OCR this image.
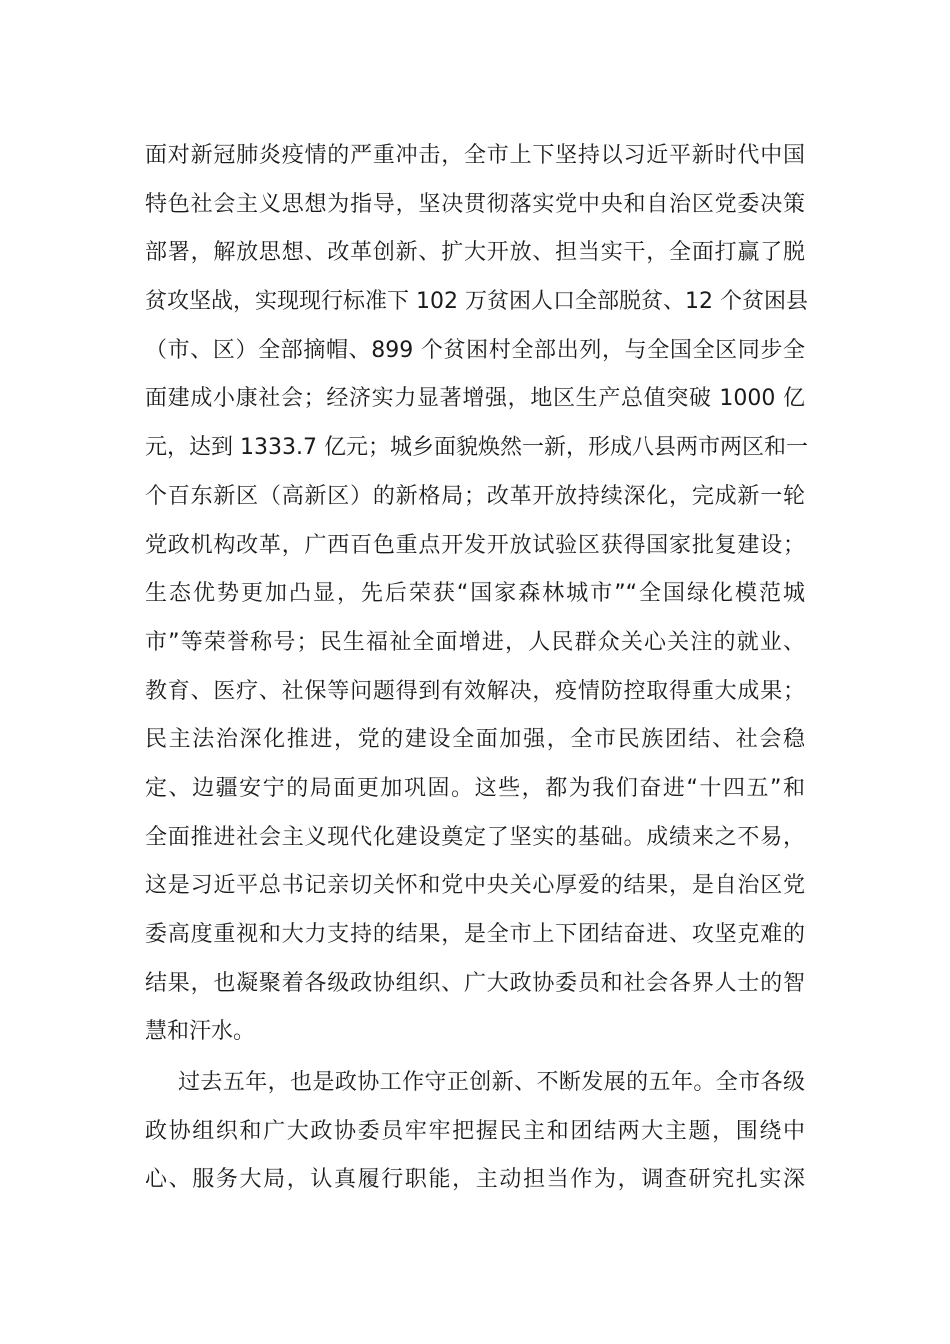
面对新冠肺炎疫情的严重冲击，全市上下坚持以习近平新时代中国
特色社会主义思想为指导，坚决贯彻落实党中央和自治区党委决策
部署，解放思想、改革创新、扩大开放、担当实干，全面打赢了脱
贫攻坚战，实现现行标准下 102 万贫困人口全部脱贫、12 个贫困县
（市、区）全部摘帽、899 个贫困村全部出列，与全国全区同步全
面建成小康社会；经济实力显著增强，地区生产总值突破 1000 亿
元，达到 1333.7 亿元；城乡面貌焕然一新，形成八县两市两区和一
个百东新区（高新区）的新格局；改革开放持续深化，完成新一轮
党政机构改革，广西百色重点开发开放试验区获得国家批复建设；
生态优势更加凸显，先后荣获“国家森林城市”“全国绿化模范城
市”等荣誉称号；民生福祉全面增进，人民群众关心关注的就业、
教育、医疗、社保等问题得到有效解决，疫情防控取得重大成果；
民主法治深化推进，党的建设全面加强，全市民族团结、社会稳
定、边疆安宁的局面更加巩固。这些，都为我们奋进“十四五”和
全面推进社会主义现代化建设奠定了坚实的基础。成绩来之不易，
这是习近平总书记亲切关怀和党中央关心厚爱的结果，是自治区党
委高度重视和大力支持的结果，是全市上下团结奋进、攻坚克难的
结果，也凝聚着各级政协组织、广大政协委员和社会各界人士的智
慧和汗水。
过去五年，也是政协工作守正创新、不断发展的五年。全市各级
政协组织和广大政协委员牢牢把握民主和团结两大主题，围绕中
心、服务大局，认真履行职能，主动担当作为，调查研究扎实深
